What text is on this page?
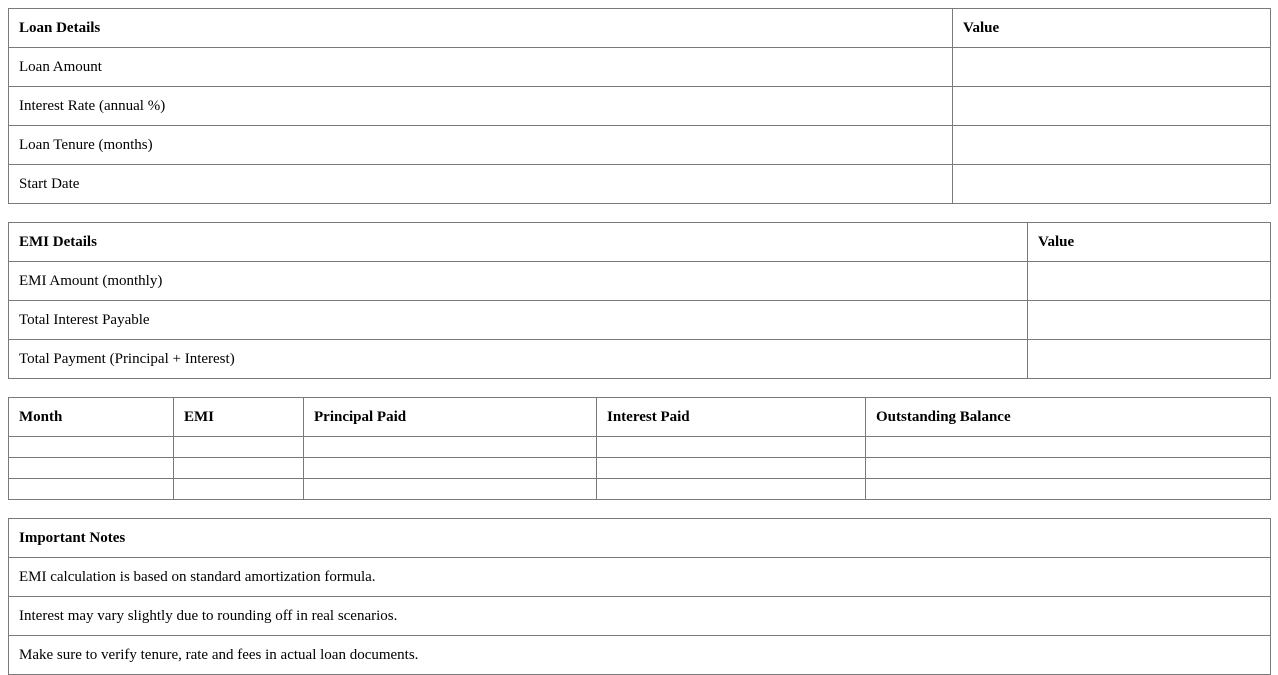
Loan Details	Value
Loan Amount	
Interest Rate (annual %)	
Loan Tenure (months)	
Start Date	
EMI Details	Value
EMI Amount (monthly)	
Total Interest Payable	
Total Payment (Principal + Interest)	
Month	EMI	Principal Paid	Interest Paid	Outstanding Balance

Important Notes
EMI calculation is based on standard amortization formula.
Interest may vary slightly due to rounding off in real scenarios.
Make sure to verify tenure, rate and fees in actual loan documents.
